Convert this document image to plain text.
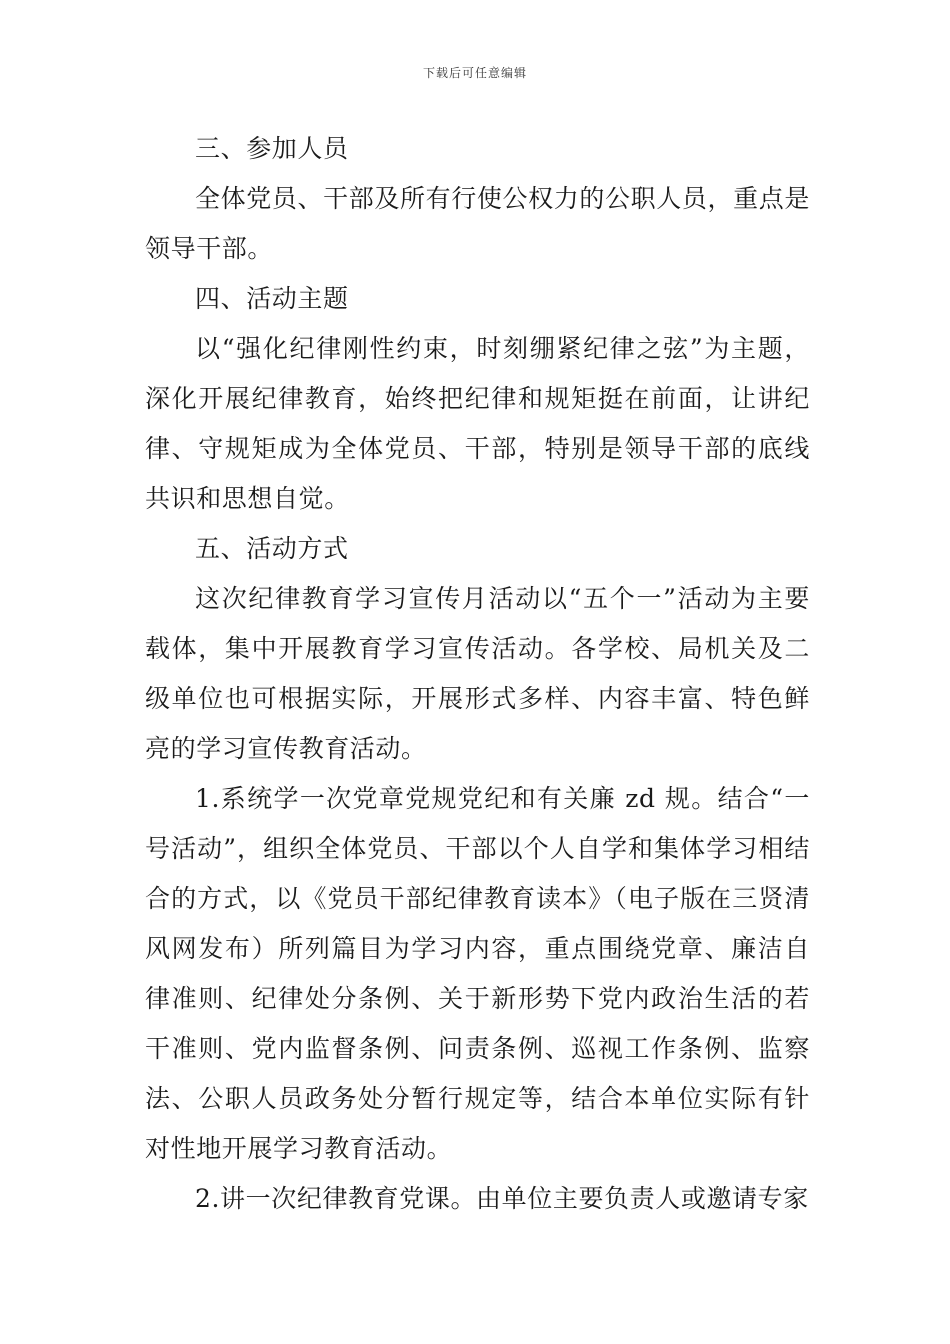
下载后可任意编辑

三、参加人员

全体党员、干部及所有行使公权力的公职人员，重点是领导干部。

四、活动主题

以“强化纪律刚性约束，时刻绷紧纪律之弦”为主题，深化开展纪律教育，始终把纪律和规矩挺在前面，让讲纪律、守规矩成为全体党员、干部，特别是领导干部的底线共识和思想自觉。

五、活动方式

这次纪律教育学习宣传月活动以“五个一”活动为主要载体，集中开展教育学习宣传活动。各学校、局机关及二级单位也可根据实际，开展形式多样、内容丰富、特色鲜亮的学习宣传教育活动。

1.系统学一次党章党规党纪和有关廉 zd 规。结合“一号活动”，组织全体党员、干部以个人自学和集体学习相结合的方式，以《党员干部纪律教育读本》（电子版在三贤清风网发布）所列篇目为学习内容，重点围绕党章、廉洁自律准则、纪律处分条例、关于新形势下党内政治生活的若干准则、党内监督条例、问责条例、巡视工作条例、监察法、公职人员政务处分暂行规定等，结合本单位实际有针对性地开展学习教育活动。

2.讲一次纪律教育党课。由单位主要负责人或邀请专家
